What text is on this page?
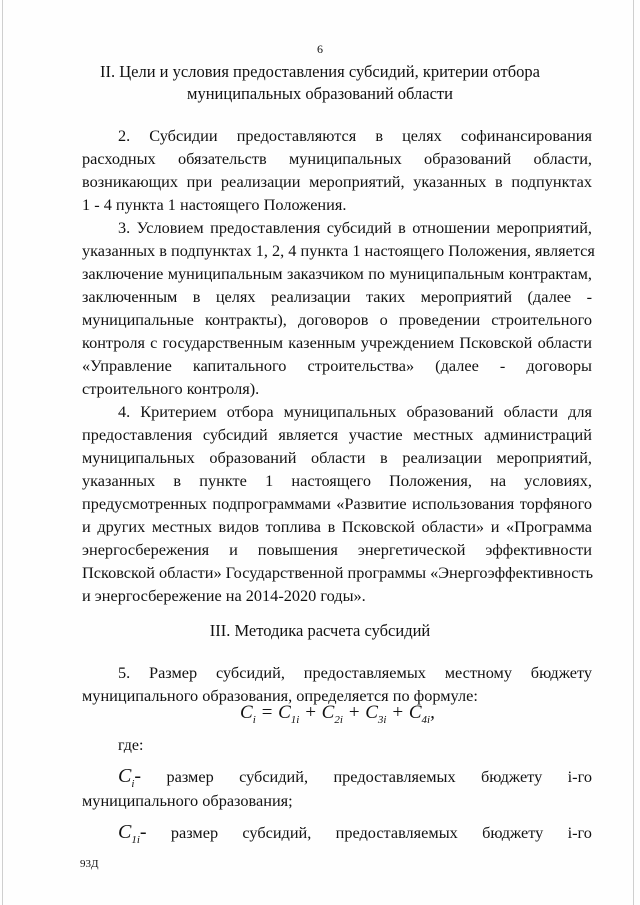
6
II. Цели и условия предоставления субсидий, критерии отбора
муниципальных образований области
2. Субсидии предоставляются в целях софинансирования
расходных обязательств муниципальных образований области,
возникающих при реализации мероприятий, указанных в подпунктах
1 - 4 пункта 1 настоящего Положения.
3. Условием предоставления субсидий в отношении мероприятий,
указанных в подпунктах 1, 2, 4 пункта 1 настоящего Положения, является
заключение муниципальным заказчиком по муниципальным контрактам,
заключенным в целях реализации таких мероприятий (далее -
муниципальные контракты), договоров о проведении строительного
контроля с государственным казенным учреждением Псковской области
«Управление капитального строительства» (далее - договоры
строительного контроля).
4. Критерием отбора муниципальных образований области для
предоставления субсидий является участие местных администраций
муниципальных образований области в реализации мероприятий,
указанных в пункте 1 настоящего Положения, на условиях,
предусмотренных подпрограммами «Развитие использования торфяного
и других местных видов топлива в Псковской области» и «Программа
энергосбережения и повышения энергетической эффективности
Псковской области» Государственной программы «Энергоэффективность
и энергосбережение на 2014-2020 годы».
III. Методика расчета субсидий
5. Размер субсидий, предоставляемых местному бюджету
муниципального образования, определяется по формуле:
$C_i = C_{1i} + C_{2i} + C_{3i} + C_{4i}$,
где:
$C_i-$ размер субсидий, предоставляемых бюджету i-го
муниципального образования;
$C_{1i}-$ размер субсидий, предоставляемых бюджету i-го
93Д
